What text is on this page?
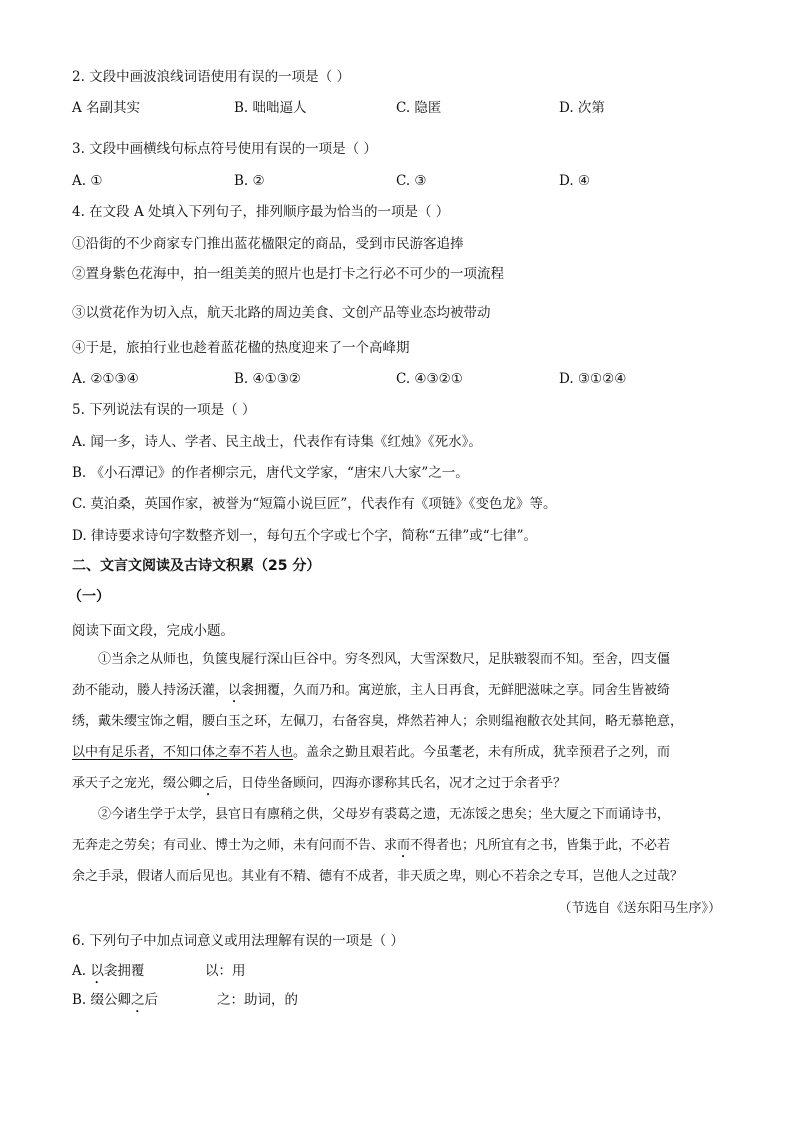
2. 文段中画波浪线词语使用有误的一项是（ ）
A 名副其实	B. 咄咄逼人	C. 隐匿	D. 次第
3. 文段中画横线句标点符号使用有误的一项是（ ）
A. ①	B. ②	C. ③	D. ④
4. 在文段 A 处填入下列句子，排列顺序最为恰当的一项是（ ）
①沿街的不少商家专门推出蓝花楹限定的商品，受到市民游客追捧
②置身紫色花海中，拍一组美美的照片也是打卡之行必不可少的一项流程
③以赏花作为切入点，航天北路的周边美食、文创产品等业态均被带动
④于是，旅拍行业也趁着蓝花楹的热度迎来了一个高峰期
A. ②①③④	B. ④①③②	C. ④③②①	D. ③①②④
5. 下列说法有误的一项是（ ）
A. 闻一多，诗人、学者、民主战士，代表作有诗集《红烛》《死水》。
B. 《小石潭记》的作者柳宗元，唐代文学家，“唐宋八大家”之一。
C. 莫泊桑，英国作家，被誉为“短篇小说巨匠”，代表作有《项链》《变色龙》等。
D. 律诗要求诗句字数整齐划一，每句五个字或七个字，简称“五律”或“七律”。
二、文言文阅读及古诗文积累（25 分）
（一）
阅读下面文段，完成小题。
①当余之从师也，负箧曳屣行深山巨谷中。穷冬烈风，大雪深数尺，足肤皲裂而不知。至舍，四支僵
劲不能动，媵人持汤沃灌，以衾拥覆，久而乃和。寓逆旅，主人日再食，无鲜肥滋味之享。同舍生皆被绮
绣，戴朱缨宝饰之帽，腰白玉之环，左佩刀，右备容臭，烨然若神人；余则缊袍敝衣处其间，略无慕艳意，
以中有足乐者，不知口体之奉不若人也。盖余之勤且艰若此。今虽耄老，未有所成，犹幸预君子之列，而
承天子之宠光，缀公卿之后，日侍坐备顾问，四海亦谬称其氏名，况才之过于余者乎？
②今诸生学于太学，县官日有廪稍之供，父母岁有裘葛之遗，无冻馁之患矣；坐大厦之下而诵诗书，
无奔走之劳矣；有司业、博士为之师，未有问而不告、求而不得者也；凡所宜有之书，皆集于此，不必若
余之手录，假诸人而后见也。其业有不精、德有不成者，非天质之卑，则心不若余之专耳，岂他人之过哉？
（节选自《送东阳马生序》）
6. 下列句子中加点词意义或用法理解有误的一项是（ ）
A. 以衾拥覆	以：用
B. 缀公卿之后	之：助词，的
